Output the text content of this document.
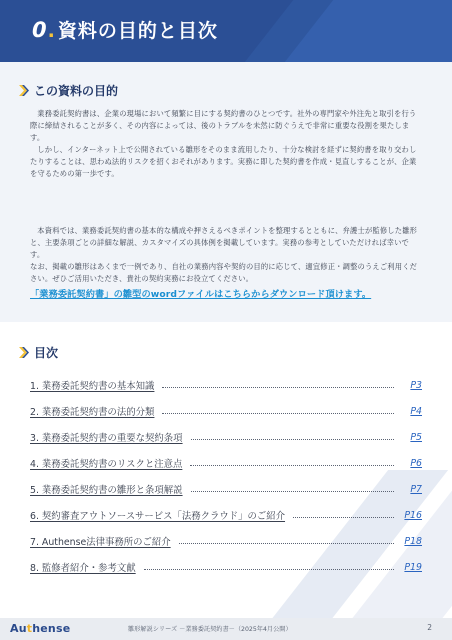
0. 資料の目的と目次
この資料の目的

業務委託契約書は、企業の現場において頻繁に目にする契約書のひとつです。社外の専門家や外注先と取引を行う際に締結されることが多く、その内容によっては、後のトラブルを未然に防ぐうえで非常に重要な役割を果たします。

しかし、インターネット上で公開されている雛形をそのまま流用したり、十分な検討を経ずに契約書を取り交わしたりすることは、思わぬ法的リスクを招くおそれがあります。実務に即した契約書を作成・見直しすることが、企業を守るための第一歩です。

本資料では、業務委託契約書の基本的な構成や押さえるべきポイントを整理するとともに、弁護士が監修した雛形と、主要条項ごとの詳細な解説、カスタマイズの具体例を掲載しています。実務の参考としていただければ幸いです。

なお、掲載の雛形はあくまで一例であり、自社の業務内容や契約の目的に応じて、適宜修正・調整のうえご利用ください。ぜひご活用いただき、貴社の契約実務にお役立てください。

「業務委託契約書」の雛型のwordファイルはこちらからダウンロード頂けます。
目次
1. 業務委託契約書の基本知識	P3
2. 業務委託契約書の法的分類	P4
3. 業務委託契約書の重要な契約条項	P5
4. 業務委託契約書のリスクと注意点	P6
5. 業務委託契約書の雛形と条項解説	P7
6. 契約審査アウトソースサービス「法務クラウド」のご紹介	P16
7. Authense法律事務所のご紹介	P18
8. 監修者紹介・参考文献	P19
Authense	雛形解説シリーズ －業務委託契約書－（2025年4月公開）	2
